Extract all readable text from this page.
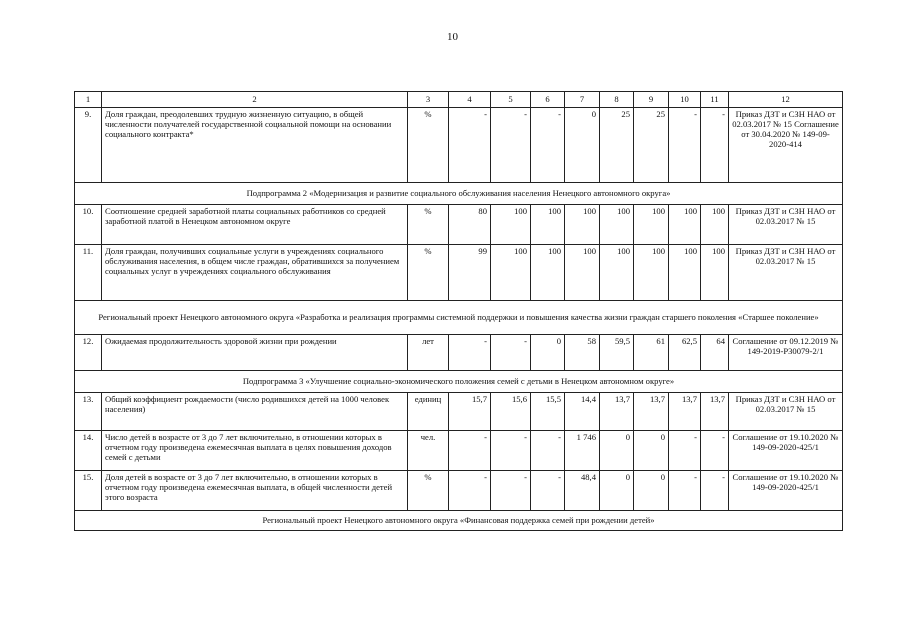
10
1	2	3	4	5	6	7	8	9	10	11	12
9.	Доля граждан, преодолевших трудную жизненную ситуацию, в общей численности получателей государственной социальной помощи на основании социального контракта*	%	-	-	-	0	25	25	-	-	Приказ ДЗТ и СЗН НАО от 02.03.2017 № 15 Соглашение от 30.04.2020 № 149-09-2020-414
Подпрограмма 2 «Модернизация и развитие социального обслуживания населения Ненецкого автономного округа»											
10.	Соотношение средней заработной платы социальных работников со средней заработной платой в Ненецком автономном округе	%	80	100	100	100	100	100	100	100	Приказ ДЗТ и СЗН НАО от 02.03.2017 № 15
11.	Доля граждан, получивших социальные услуги в учреждениях социального обслуживания населения, в общем числе граждан, обратившихся за получением социальных услуг в учреждениях социального обслуживания	%	99	100	100	100	100	100	100	100	Приказ ДЗТ и СЗН НАО от 02.03.2017 № 15
Региональный проект Ненецкого автономного округа «Разработка и реализация программы системной поддержки и повышения качества жизни граждан старшего поколения «Старшее поколение»											
12.	Ожидаемая продолжительность здоровой жизни при рождении	лет	-	-	0	58	59,5	61	62,5	64	Соглашение от 09.12.2019 № 149-2019-P30079-2/1
Подпрограмма 3 «Улучшение социально-экономического положения семей с детьми в Ненецком автономном округе»											
13.	Общий коэффициент рождаемости (число родившихся детей на 1000 человек населения)	единиц	15,7	15,6	15,5	14,4	13,7	13,7	13,7	13,7	Приказ ДЗТ и СЗН НАО от 02.03.2017 № 15
14.	Число детей в возрасте от 3 до 7 лет включительно, в отношении которых в отчетном году произведена ежемесячная выплата в целях повышения доходов семей с детьми	чел.	-	-	-	1 746	0	0	-	-	Соглашение от 19.10.2020 № 149-09-2020-425/1
15.	Доля детей в возрасте от 3 до 7 лет включительно, в отношении которых в отчетном году произведена ежемесячная выплата, в общей численности детей этого возраста	%	-	-	-	48,4	0	0	-	-	Соглашение от 19.10.2020 № 149-09-2020-425/1
Региональный проект Ненецкого автономного округа «Финансовая поддержка семей при рождении детей»											
